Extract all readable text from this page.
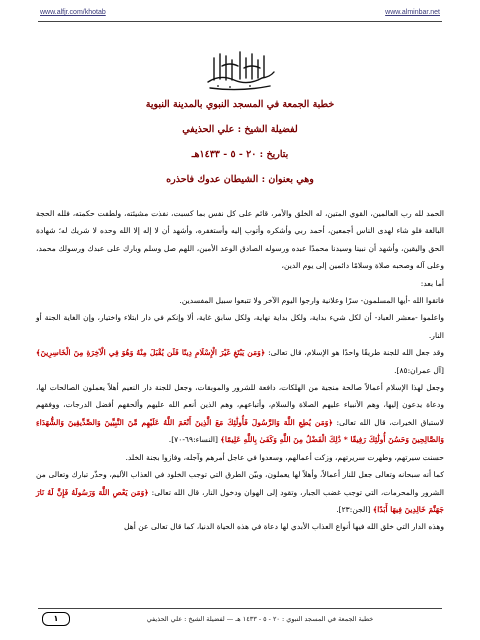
www.alfjr.com/khotab	www.alminbar.net
خطبة الجمعة في المسجد النبوي بالمدينة النبوية
لفضيلة الشيخ : علي الحذيفي
بتاريخ : ٢٠ - ٥ - ١٤٣٣هـ
وهي بعنوان : الشيطان عدوك فاحذره

الحمد لله رب العالمين، القوي المتين، له الخلق والأمر، قائم على كل نفس بما كسبت، نفذت مشيئته، ولطفت حكمته، فلله الحجة البالغة فلو شاء لهدى الناس أجمعين، أحمد ربي وأشكره وأتوب إليه وأستغفره، وأشهد أن لا إله إلا الله وحده لا شريك له؛ شهادة الحق واليقين، وأشهد أن نبينا وسيدنا محمدًا عبده ورسوله الصادق الوعد الأمين، اللهم صل وسلم وبارك على عبدك ورسولك محمد، وعلى آله وصحبه صلاة وسلامًا دائمين إلى يوم الدين،

أما بعد:

فاتقوا الله -أيها المسلمون- سرًا وعلانية وارجوا اليوم الآخر ولا تتبعوا سبيل المفسدين.

واعلموا -معشر العباد- أن لكل شيء بداية، ولكل بداية نهاية، ولكل سابق غاية، ألا وإنكم في دار ابتلاء واختيار، وإن الغاية الجنة أو النار.

وقد جعل الله للجنة طريقًا واحدًا هو الإسلام، قال تعالى: ﴿وَمَن يَبْتَغِ غَيْرَ الْإِسْلَامِ دِينًا فَلَن يُقْبَلَ مِنْهُ وَهُوَ فِي الْآخِرَةِ مِنَ الْخَاسِرِينَ﴾ [آل عمران:٨٥].

وجعل لهذا الإسلام أعمالاً صالحة منجية من الهلكات، دافعة للشرور والموبقات، وجعل للجنة دار النعيم أهلاً يعملون الصالحات لها، ودعاة يدعون إليها، وهم الأنبياء عليهم الصلاة والسلام، وأتباعهم، وهم الذين أنعم الله عليهم وألحقهم أفضل الدرجات، ووفقهم لاستباق الخيرات، قال الله تعالى: ﴿وَمَن يُطِعِ اللَّهَ وَالرَّسُولَ فَأُولَٰئِكَ مَعَ الَّذِينَ أَنْعَمَ اللَّهُ عَلَيْهِم مِّنَ النَّبِيِّينَ وَالصِّدِّيقِينَ وَالشُّهَدَاءِ وَالصَّالِحِينَ وَحَسُنَ أُولَٰئِكَ رَفِيقًا * ذَٰلِكَ الْفَضْلُ مِنَ اللَّهِ وَكَفَىٰ بِاللَّهِ عَلِيمًا﴾ [النساء:٦٩-٧٠].

حسنت سيرتهم، وطهرت سريرتهم، وزكت أعمالهم، وسعدوا في عاجل أمرهم وآجله، وفازوا بجنة الخلد.

كما أنه سبحانه وتعالى جعل للنار أعمالاً، وأهلاً لها يعملون، وبيّن الطرق التي توجب الخلود في العذاب الأليم، وحذّر تبارك وتعالى من الشرور والمحرمات، التي توجب غضب الجبار، وتقود إلى الهوان ودخول النار، قال الله تعالى: ﴿وَمَن يَعْصِ اللَّهَ وَرَسُولَهُ فَإِنَّ لَهُ نَارَ جَهَنَّمَ خَالِدِينَ فِيهَا أَبَدًا﴾ [الجن:٢٣].

وهذه الدار التي خلق الله فيها أنواع العذاب الأبدي لها دعاة في هذه الحياة الدنيا، كما قال تعالى عن أهل

١	خطبة الجمعة في المسجد النبوي : ٢٠ - ٥ - ١٤٣٣ هـ — لفضيلة الشيخ : علي الحذيفي
